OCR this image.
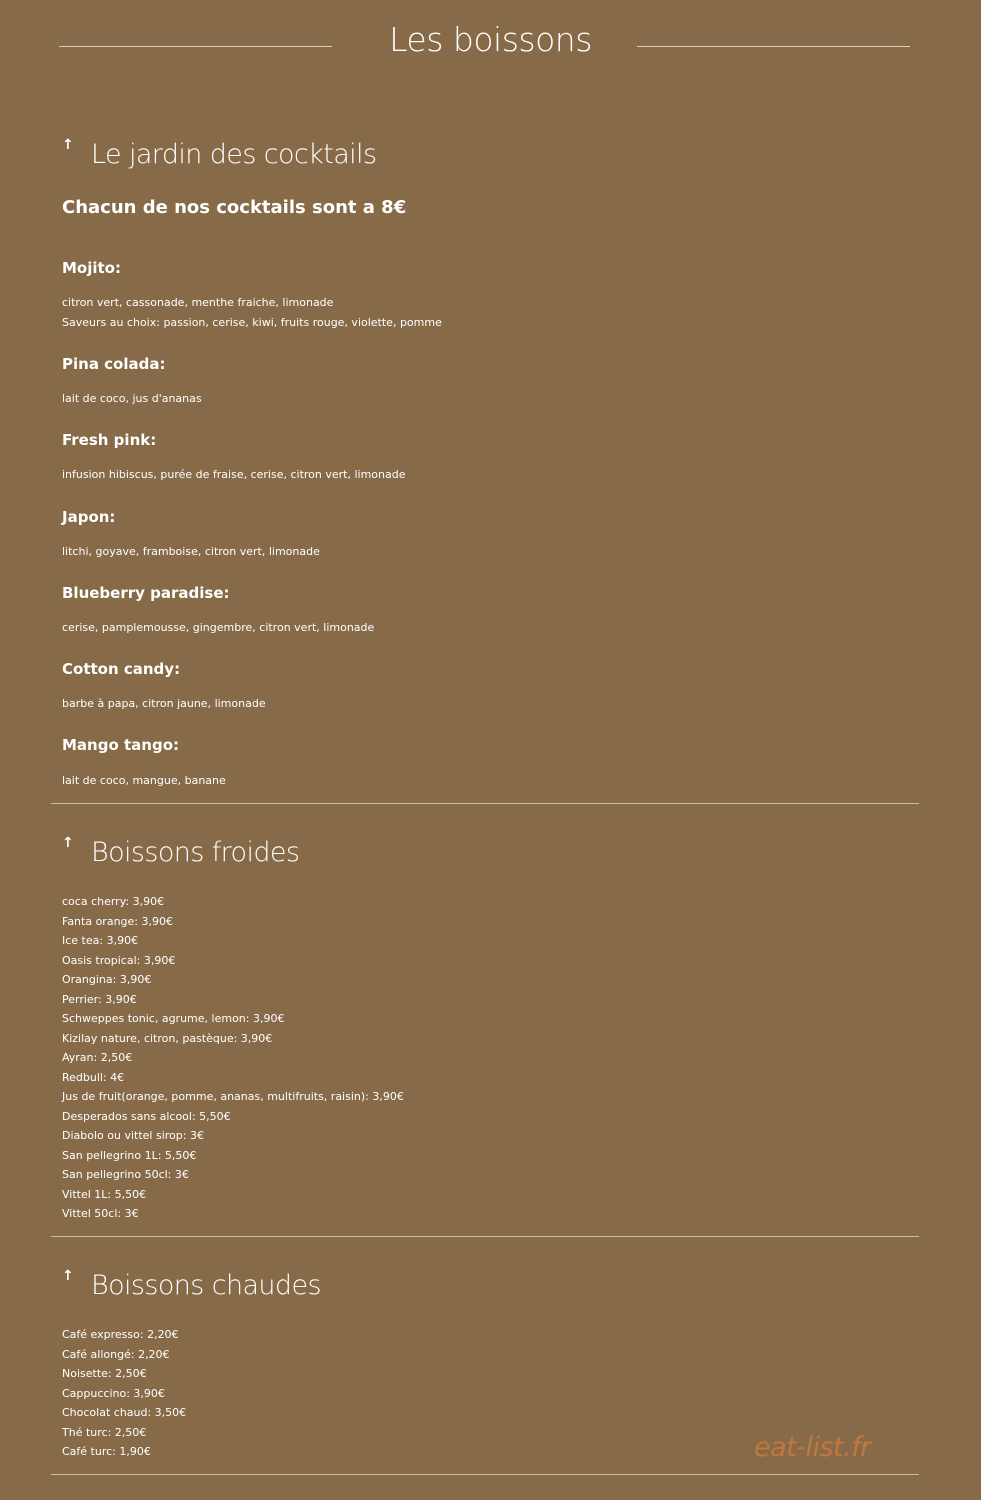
Les boissons
↑ Le jardin des cocktails
Chacun de nos cocktails sont a 8€
Mojito:
citron vert, cassonade, menthe fraiche, limonade
Saveurs au choix: passion, cerise, kiwi, fruits rouge, violette, pomme
Pina colada:
lait de coco, jus d'ananas
Fresh pink:
infusion hibiscus, purée de fraise, cerise, citron vert, limonade
Japon:
litchi, goyave, framboise, citron vert, limonade
Blueberry paradise:
cerise, pamplemousse, gingembre, citron vert, limonade
Cotton candy:
barbe à papa, citron jaune, limonade
Mango tango:
lait de coco, mangue, banane
↑ Boissons froides
coca cherry: 3,90€
Fanta orange: 3,90€
Ice tea: 3,90€
Oasis tropical: 3,90€
Orangina: 3,90€
Perrier: 3,90€
Schweppes tonic, agrume, lemon: 3,90€
Kizilay nature, citron, pastèque: 3,90€
Ayran: 2,50€
Redbull: 4€
Jus de fruit(orange, pomme, ananas, multifruits, raisin): 3,90€
Desperados sans alcool: 5,50€
Diabolo ou vittel sirop: 3€
San pellegrino 1L: 5,50€
San pellegrino 50cl: 3€
Vittel 1L: 5,50€
Vittel 50cl: 3€
↑ Boissons chaudes
Café expresso: 2,20€
Café allongé: 2,20€
Noisette: 2,50€
Cappuccino: 3,90€
Chocolat chaud: 3,50€
Thé turc: 2,50€
Café turc: 1,90€	eat-list.fr
